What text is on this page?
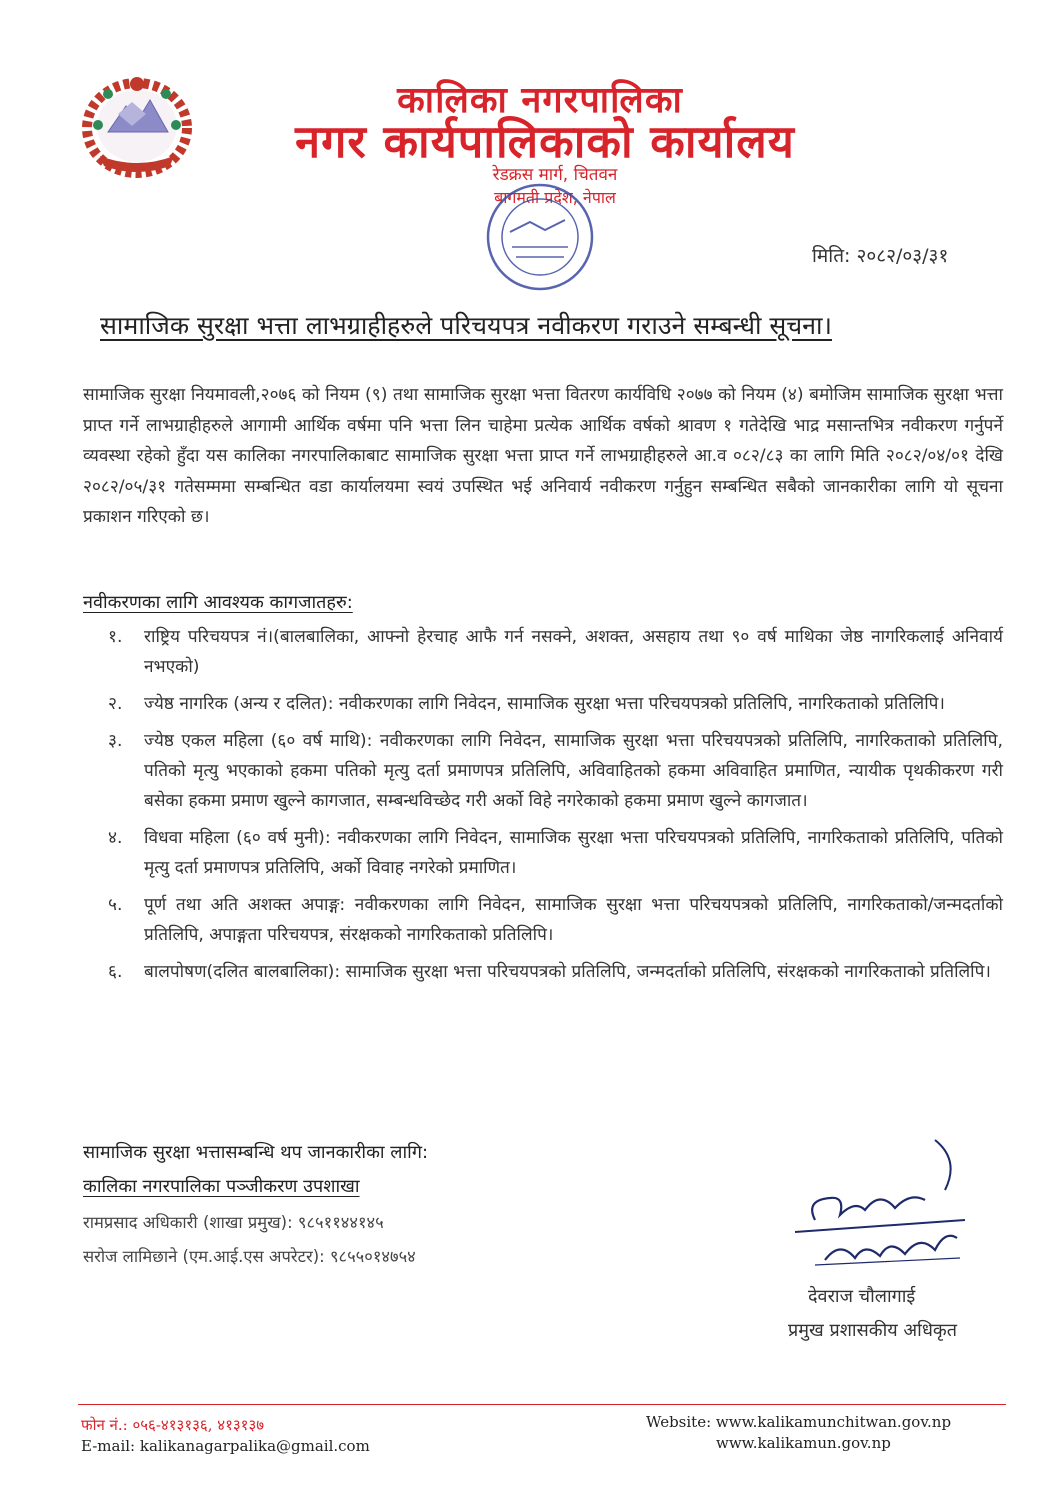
कालिका नगरपालिका
नगर कार्यपालिकाको कार्यालय
रेडक्रस मार्ग, चितवन
बागमती प्रदेश, नेपाल
मिति: २०८२/०३/३१
सामाजिक सुरक्षा भत्ता लाभग्राहीहरुले परिचयपत्र नवीकरण गराउने सम्बन्धी सूचना।
सामाजिक सुरक्षा नियमावली,२०७६ को नियम (९) तथा सामाजिक सुरक्षा भत्ता वितरण कार्यविधि २०७७ को नियम (४) बमोजिम सामाजिक सुरक्षा भत्ता प्राप्त गर्ने लाभग्राहीहरुले आगामी आर्थिक वर्षमा पनि भत्ता लिन चाहेमा प्रत्येक आर्थिक वर्षको श्रावण १ गतेदेखि भाद्र मसान्तभित्र नवीकरण गर्नुपर्ने व्यवस्था रहेको हुँदा यस कालिका नगरपालिकाबाट सामाजिक सुरक्षा भत्ता प्राप्त गर्ने लाभग्राहीहरुले आ.व ०८२/८३ का लागि मिति २०८२/०४/०१ देखि २०८२/०५/३१ गतेसम्ममा सम्बन्धित वडा कार्यालयमा स्वयं उपस्थित भई अनिवार्य नवीकरण गर्नुहुन सम्बन्धित सबैको जानकारीका लागि यो सूचना प्रकाशन गरिएको छ।
नवीकरणका लागि आवश्यक कागजातहरु:
१.	राष्ट्रिय परिचयपत्र नं।(बालबालिका, आफ्नो हेरचाह आफै गर्न नसक्ने, अशक्त, असहाय तथा ९० वर्ष माथिका जेष्ठ नागरिकलाई अनिवार्य नभएको)
२.	ज्येष्ठ नागरिक (अन्य र दलित): नवीकरणका लागि निवेदन, सामाजिक सुरक्षा भत्ता परिचयपत्रको प्रतिलिपि, नागरिकताको प्रतिलिपि।
३.	ज्येष्ठ एकल महिला (६० वर्ष माथि): नवीकरणका लागि निवेदन, सामाजिक सुरक्षा भत्ता परिचयपत्रको प्रतिलिपि, नागरिकताको प्रतिलिपि, पतिको मृत्यु भएकाको हकमा पतिको मृत्यु दर्ता प्रमाणपत्र प्रतिलिपि, अविवाहितको हकमा अविवाहित प्रमाणित, न्यायीक पृथकीकरण गरी बसेका हकमा प्रमाण खुल्ने कागजात, सम्बन्धविच्छेद गरी अर्को विहे नगरेकाको हकमा प्रमाण खुल्ने कागजात।
४.	विधवा महिला (६० वर्ष मुनी): नवीकरणका लागि निवेदन, सामाजिक सुरक्षा भत्ता परिचयपत्रको प्रतिलिपि, नागरिकताको प्रतिलिपि, पतिको मृत्यु दर्ता प्रमाणपत्र प्रतिलिपि, अर्को विवाह नगरेको प्रमाणित।
५.	पूर्ण तथा अति अशक्त अपाङ्ग: नवीकरणका लागि निवेदन, सामाजिक सुरक्षा भत्ता परिचयपत्रको प्रतिलिपि, नागरिकताको/जन्मदर्ताको प्रतिलिपि, अपाङ्गता परिचयपत्र, संरक्षकको नागरिकताको प्रतिलिपि।
६.	बालपोषण(दलित बालबालिका): सामाजिक सुरक्षा भत्ता परिचयपत्रको प्रतिलिपि, जन्मदर्ताको प्रतिलिपि, संरक्षकको नागरिकताको प्रतिलिपि।
सामाजिक सुरक्षा भत्तासम्बन्धि थप जानकारीका लागि:
कालिका नगरपालिका पञ्जीकरण उपशाखा
रामप्रसाद अधिकारी (शाखा प्रमुख): ९८५११४४१४५
सरोज लामिछाने (एम.आई.एस अपरेटर): ९८५५०१४७५४
देवराज चौलागाई
प्रमुख प्रशासकीय अधिकृत
फोन नं.: ०५६-४१३१३६, ४१३१३७
E-mail: kalikanagarpalika@gmail.com
Website: www.kalikamunchitwan.gov.np
www.kalikamun.gov.np
